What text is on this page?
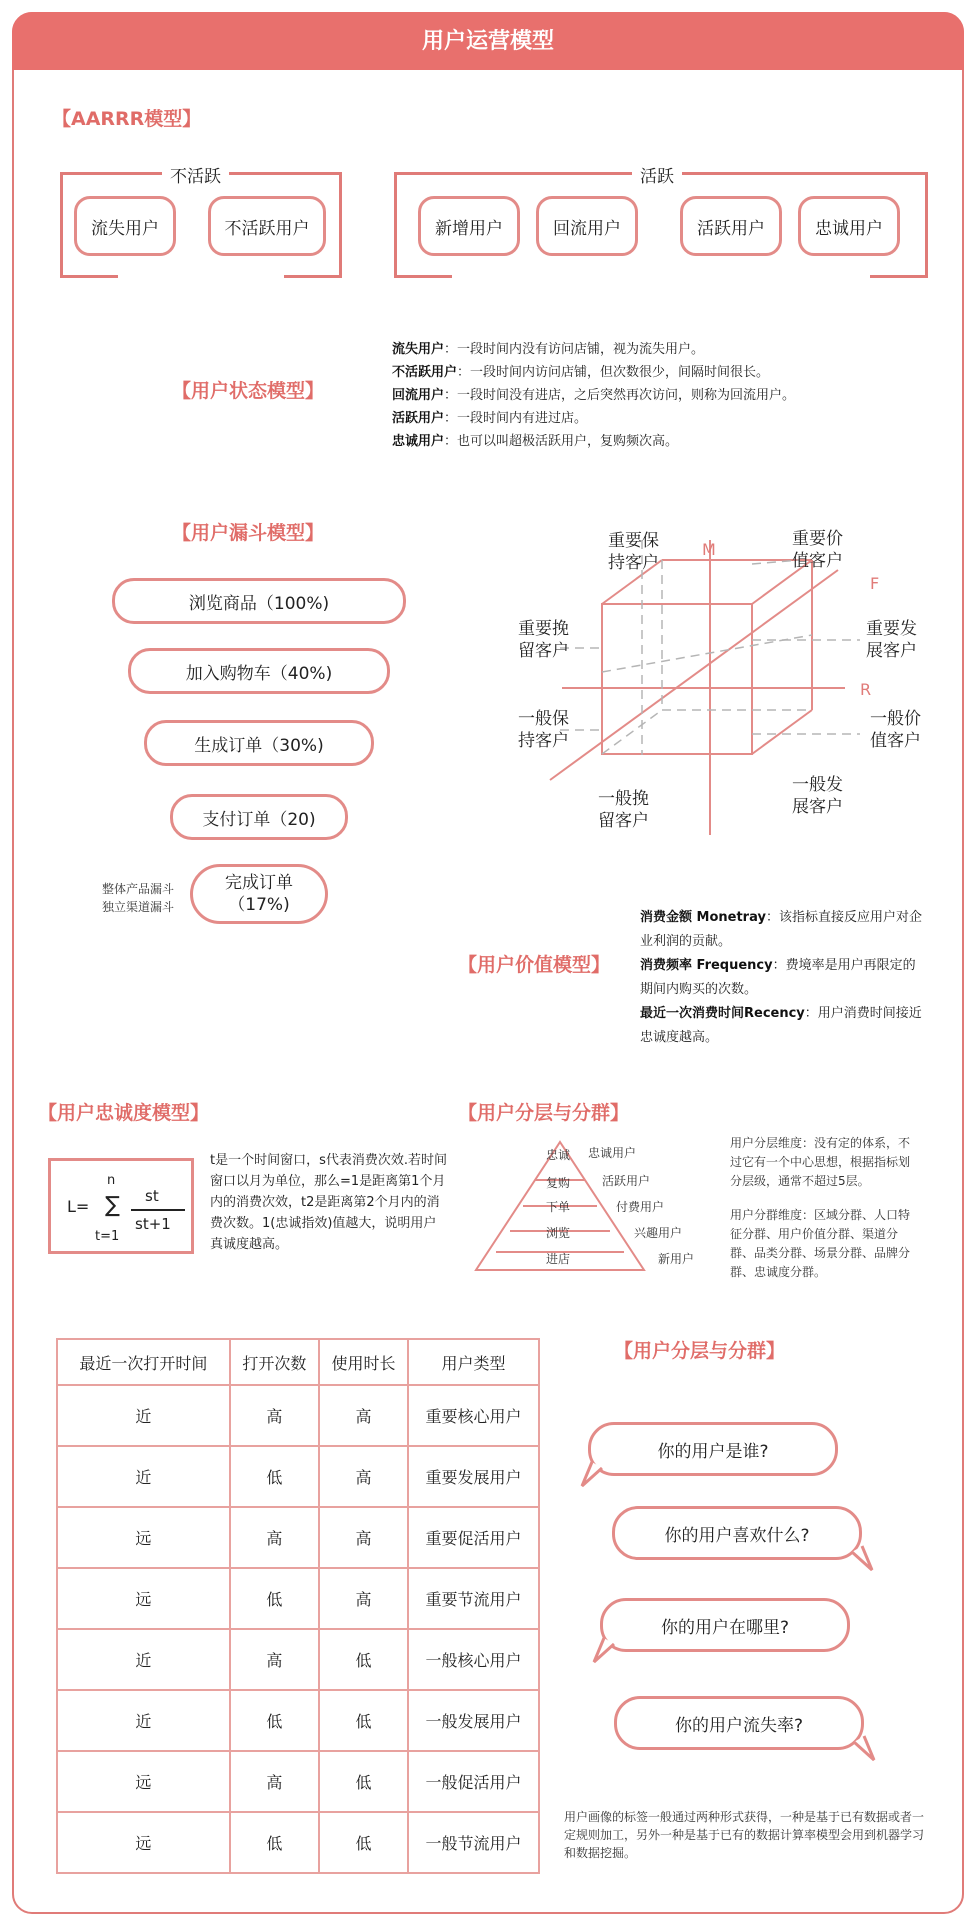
用户运营模型
【AARRR模型】
不活跃	活跃
流失用户	不活跃用户	新增用户	回流用户	活跃用户	忠诚用户
【用户状态模型】
流失用户：一段时间内没有访问店铺，视为流失用户。
不活跃用户：一段时间内访问店铺，但次数很少，间隔时间很长。
回流用户：一段时间没有进店，之后突然再次访问，则称为回流用户。
活跃用户：一段时间内有进过店。
忠诚用户：也可以叫超极活跃用户，复购频次高。
【用户漏斗模型】
浏览商品（100%)
加入购物车（40%)
生成订单（30%)
支付订单（20)
完成订单
（17%)
整体产品漏斗
独立渠道漏斗
M
F
R
重要保
持客户
重要价
值客户
重要挽
留客户
重要发
展客户
一般保
持客户
一般价
值客户
一般挽
留客户
一般发
展客户
【用户价值模型】
消费金额 Monetray：该指标直接反应用户对企业利润的贡献。
消费频率 Frequency：费境率是用户再限定的期间内购买的次数。
最近一次消费时间Recency：用户消费时间接近忠诚度越高。
【用户忠诚度模型】
L=
n
∑
t=1
st
st+1
t是一个时间窗口，s代表消费次效.若时间窗口以月为单位，那么=1是距离第1个月内的消费次效，t2是距离第2个月内的消费次数。1(忠诚指效)值越大，说明用户真诚度越高。
【用户分层与分群】
忠诚
复购
下单
浏览
进店
忠诚用户
活跃用户
付费用户
兴趣用户
新用户
用户分层维度：没有定的体系，不过它有一个中心思想，根据指标划分层级，通常不超过5层。
用户分群维度：区域分群、人口特征分群、用户价值分群、渠道分群、品类分群、场景分群、品牌分群、忠诚度分群。
最近一次打开时间	打开次数	使用时长	用户类型
近	高	高	重要核心用户
近	低	高	重要发展用户
远	高	高	重要促活用户
远	低	高	重要节流用户
近	高	低	一般核心用户
近	低	低	一般发展用户
远	高	低	一般促活用户
远	低	低	一般节流用户
【用户分层与分群】
你的用户是谁?
你的用户喜欢什么?
你的用户在哪里?
你的用户流失率?
用户画像的标签一般通过两种形式获得，一种是基于已有数据或者一定规则加工，另外一种是基于已有的数据计算率模型会用到机器学习和数据挖掘。
